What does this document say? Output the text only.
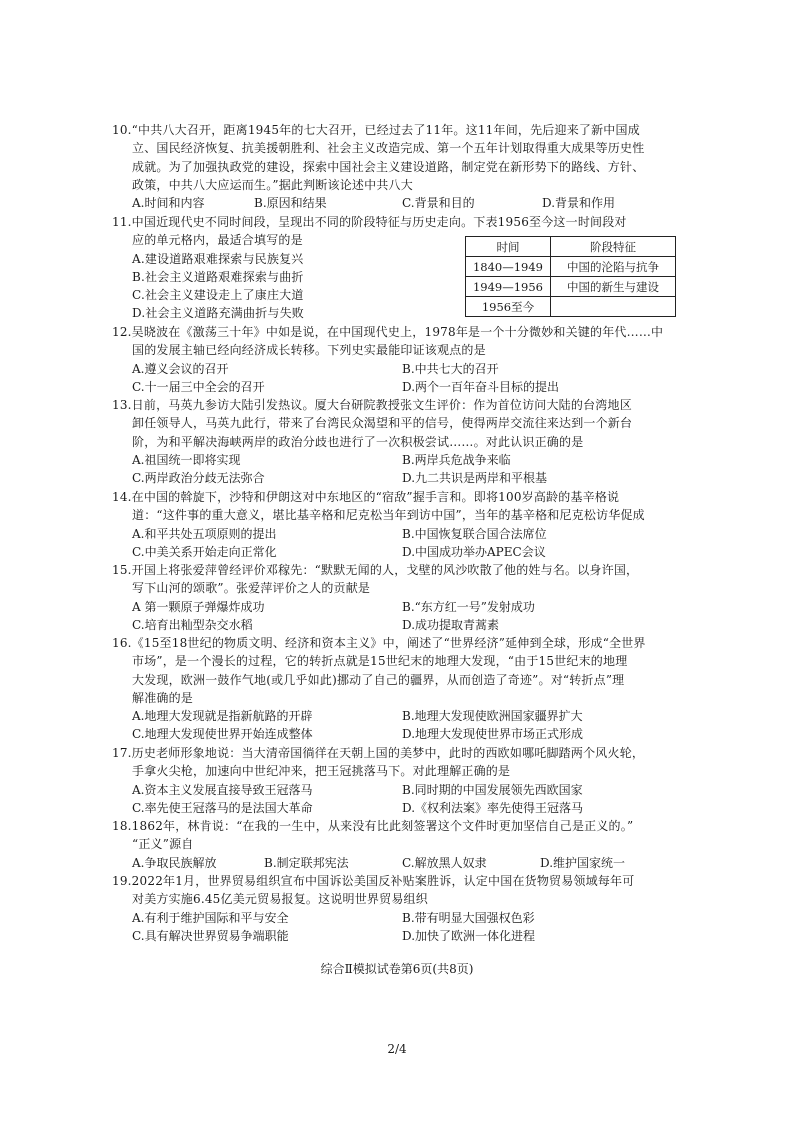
10.“中共八大召开，距离1945年的七大召开，已经过去了11年。这11年间，先后迎来了新中国成
立、国民经济恢复、抗美援朝胜利、社会主义改造完成、第一个五年计划取得重大成果等历史性
成就。为了加强执政党的建设，探索中国社会主义建设道路，制定党在新形势下的路线、方针、
政策，中共八大应运而生。”据此判断该论述中共八大
A.时间和内容	B.原因和结果	C.背景和目的	D.背景和作用
11.中国近现代史不同时间段，呈现出不同的阶段特征与历史走向。下表1956至今这一时间段对
应的单元格内，最适合填写的是
A.建设道路艰难探索与民族复兴
B.社会主义道路艰难探索与曲折
C.社会主义建设走上了康庄大道
D.社会主义道路充满曲折与失败
时间	阶段特征
1840—1949	中国的沦陷与抗争
1949—1956	中国的新生与建设
1956至今	
12.吴晓波在《激荡三十年》中如是说，在中国现代史上，1978年是一个十分微妙和关键的年代……中
国的发展主轴已经向经济成长转移。下列史实最能印证该观点的是
A.遵义会议的召开	B.中共七大的召开
C.十一届三中全会的召开	D.两个一百年奋斗目标的提出
13.日前，马英九参访大陆引发热议。厦大台研院教授张文生评价：作为首位访问大陆的台湾地区
卸任领导人，马英九此行，带来了台湾民众渴望和平的信号，使得两岸交流往来达到一个新台
阶，为和平解决海峡两岸的政治分歧也进行了一次积极尝试……。对此认识正确的是
A.祖国统一即将实现	B.两岸兵危战争来临
C.两岸政治分歧无法弥合	D.九二共识是两岸和平根基
14.在中国的斡旋下，沙特和伊朗这对中东地区的“宿敌”握手言和。即将100岁高龄的基辛格说
道：“这件事的重大意义，堪比基辛格和尼克松当年到访中国”，当年的基辛格和尼克松访华促成
A.和平共处五项原则的提出	B.中国恢复联合国合法席位
C.中美关系开始走向正常化	D.中国成功举办APEC会议
15.开国上将张爱萍曾经评价邓稼先：“默默无闻的人，戈壁的风沙吹散了他的姓与名。以身许国，
写下山河的颂歌”。张爱萍评价之人的贡献是
A 第一颗原子弹爆炸成功	B.“东方红一号”发射成功
C.培育出籼型杂交水稻	D.成功提取青蒿素
16.《15至18世纪的物质文明、经济和资本主义》中，阐述了“世界经济”延伸到全球，形成“全世界
市场”，是一个漫长的过程，它的转折点就是15世纪末的地理大发现，“由于15世纪末的地理
大发现，欧洲一鼓作气地(或几乎如此)挪动了自己的疆界，从而创造了奇迹”。对“转折点”理
解准确的是
A.地理大发现就是指新航路的开辟	B.地理大发现使欧洲国家疆界扩大
C.地理大发现使世界开始连成整体	D.地理大发现使世界市场正式形成
17.历史老师形象地说：当大清帝国徜徉在天朝上国的美梦中，此时的西欧如哪吒脚踏两个风火轮，
手拿火尖枪，加速向中世纪冲来，把王冠挑落马下。对此理解正确的是
A.资本主义发展直接导致王冠落马	B.同时期的中国发展领先西欧国家
C.率先使王冠落马的是法国大革命	D.《权利法案》率先使得王冠落马
18.1862年，林肯说：“在我的一生中，从来没有比此刻签署这个文件时更加坚信自己是正义的。”
“正义”源自
A.争取民族解放	B.制定联邦宪法	C.解放黑人奴隶	D.维护国家统一
19.2022年1月，世界贸易组织宣布中国诉讼美国反补贴案胜诉，认定中国在货物贸易领域每年可
对美方实施6.45亿美元贸易报复。这说明世界贸易组织
A.有利于维护国际和平与安全	B.带有明显大国强权色彩
C.具有解决世界贸易争端职能	D.加快了欧洲一体化进程
综合Ⅱ模拟试卷第6页(共8页)
2/4
